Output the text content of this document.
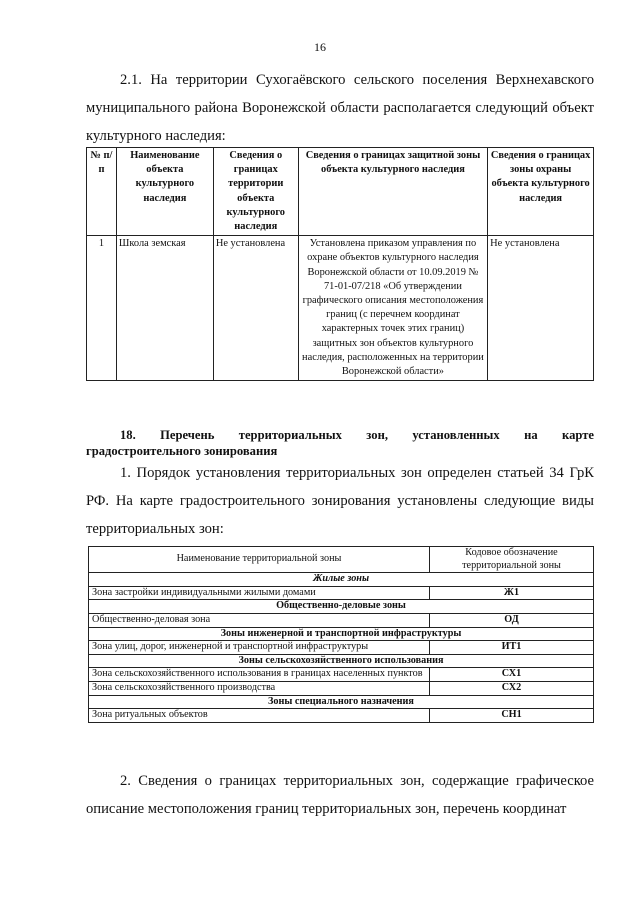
16

2.1. На территории Сухогаёвского сельского поселения Верхнехавского муниципального района Воронежской области располагается следующий объект культурного наследия:

№ п/п	Наименование объекта культурного наследия	Сведения о границах территории объекта культурного наследия	Сведения о границах защитной зоны объекта культурного наследия	Сведения о границах зоны охраны объекта культурного наследия
1	Школа земская	Не установлена	Установлена приказом управления по охране объектов культурного наследия Воронежской области от 10.09.2019 № 71-01-07/218 «Об утверждении графического описания местоположения границ (с перечнем координат характерных точек этих границ) защитных зон объектов культурного наследия, расположенных на территории Воронежской области»	Не установлена
18. Перечень территориальных зон, установленных на карте
градостроительного зонирования

1. Порядок установления территориальных зон определен статьей 34 ГрК РФ. На карте градостроительного зонирования установлены следующие виды территориальных зон:

Наименование территориальной зоны	Кодовое обозначение территориальной зоны
Жилые зоны	
Зона застройки индивидуальными жилыми домами	Ж1
Общественно-деловые зоны	
Общественно-деловая зона	ОД
Зоны инженерной и транспортной инфраструктуры	
Зона улиц, дорог, инженерной и транспортной инфраструктуры	ИТ1
Зоны сельскохозяйственного использования	
Зона сельскохозяйственного использования в границах населенных пунктов	СХ1
Зона сельскохозяйственного производства	СХ2
Зоны специального назначения	
Зона ритуальных объектов	СН1

2. Сведения о границах территориальных зон, содержащие графическое описание местоположения границ территориальных зон, перечень координат
